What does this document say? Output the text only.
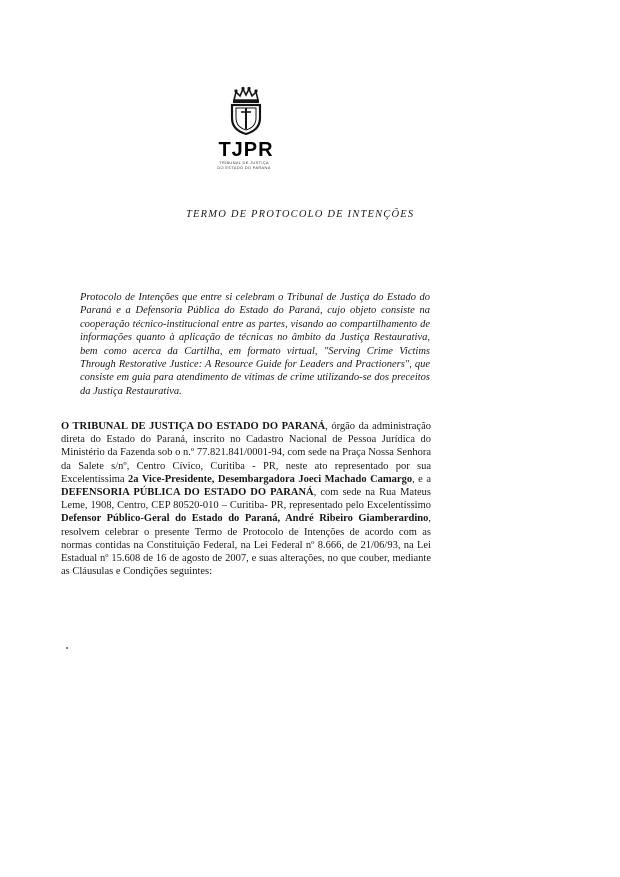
TJPR
TRIBUNAL DE JUSTIÇA
DO ESTADO DO PARANÁ
TERMO DE PROTOCOLO DE INTENÇÕES
Protocolo de Intenções que entre si celebram o Tribunal de Justiça do Estado do Paraná e a Defensoria Pública do Estado do Paraná, cujo objeto consiste na cooperação técnico-institucional entre as partes, visando ao compartilhamento de informações quanto à aplicação de técnicas no âmbito da Justiça Restaurativa, bem como acerca da Cartilha, em formato virtual, "Serving Crime Victims Through Restorative Justice: A Resource Guide for Leaders and Practioners", que consiste em guia para atendimento de vítimas de crime utilizando-se dos preceitos da Justiça Restaurativa.
O TRIBUNAL DE JUSTIÇA DO ESTADO DO PARANÁ, órgão da administração direta do Estado do Paraná, inscrito no Cadastro Nacional de Pessoa Jurídica do Ministério da Fazenda sob o n.º 77.821.841/0001-94, com sede na Praça Nossa Senhora da Salete s/nº, Centro Cívico, Curitiba - PR, neste ato representado por sua Excelentíssima 2a Vice-Presidente, Desembargadora Joeci Machado Camargo, e a DEFENSORIA PÚBLICA DO ESTADO DO PARANÁ, com sede na Rua Mateus Leme, 1908, Centro, CEP 80520-010 – Curitiba- PR, representado pelo Excelentíssimo Defensor Público-Geral do Estado do Paraná, André Ribeiro Giamberardino, resolvem celebrar o presente Termo de Protocolo de Intenções de acordo com as normas contidas na Constituição Federal, na Lei Federal nº 8.666, de 21/06/93, na Lei Estadual nº 15.608 de 16 de agosto de 2007, e suas alterações, no que couber, mediante as Cláusulas e Condições seguintes:
